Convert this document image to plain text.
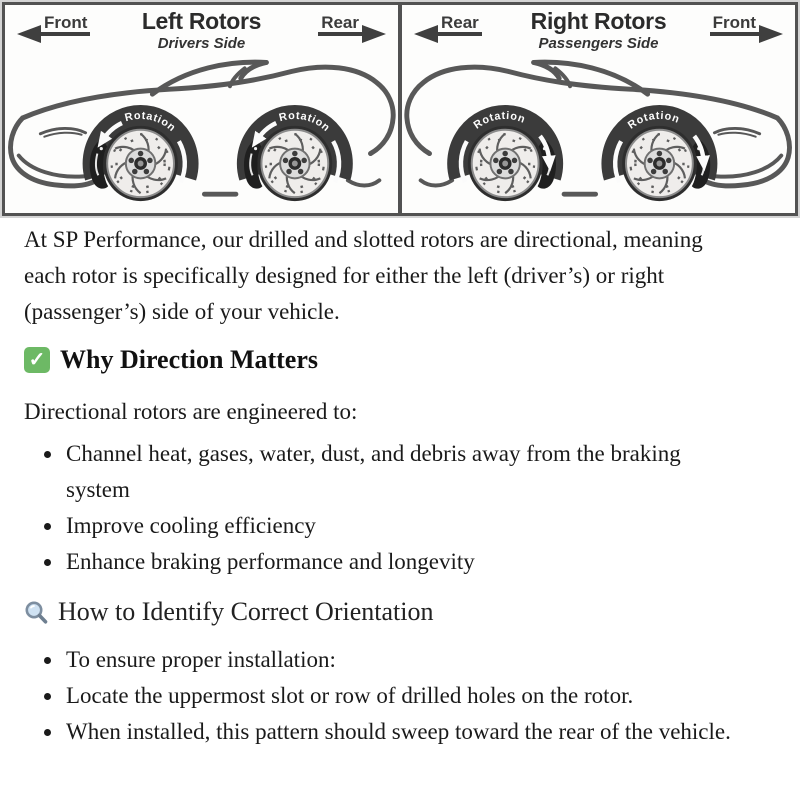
Front	Left Rotors
Drivers Side
Rear
Rotation
Rotation
Rear	Right Rotors
Passengers Side
Front
Rotation	Rotation

At SP Performance, our drilled and slotted rotors are directional, meaning each rotor is specifically designed for either the left (driver’s) or right (passenger’s) side of your vehicle.

✓ Why Direction Matters

Directional rotors are engineered to:

• Channel heat, gases, water, dust, and debris away from the braking system
• Improve cooling efficiency
• Enhance braking performance and longevity
How to Identify Correct Orientation
• To ensure proper installation:
• Locate the uppermost slot or row of drilled holes on the rotor.
• When installed, this pattern should sweep toward the rear of the vehicle.
